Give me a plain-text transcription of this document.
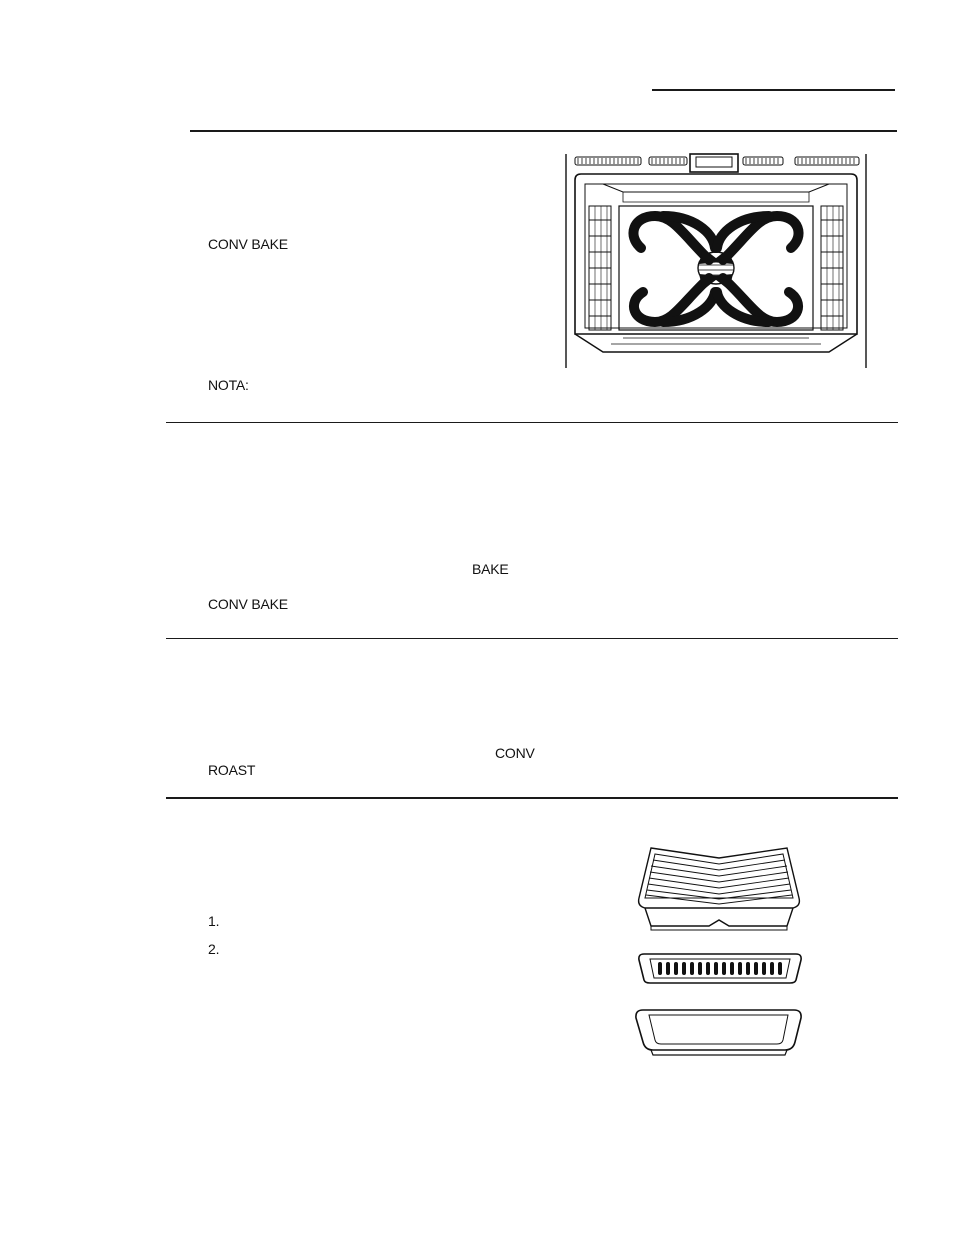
CONV BAKE
NOTA:
BAKE
CONV BAKE
CONV
ROAST
1.
2.
